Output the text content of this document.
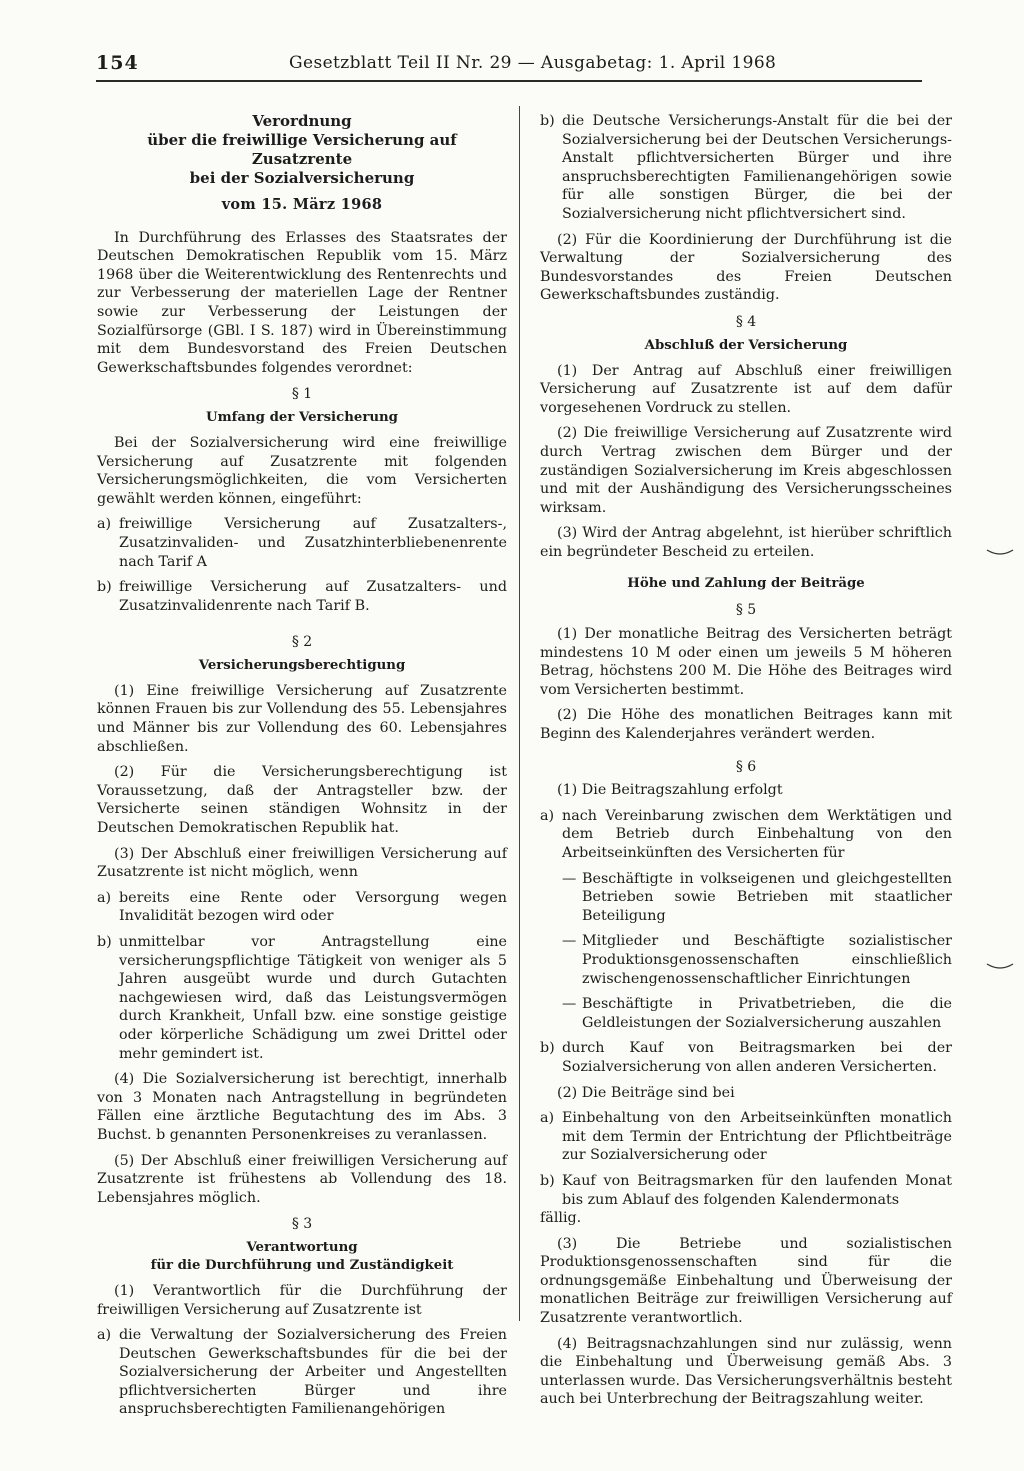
154	Gesetzblatt Teil II Nr. 29 — Ausgabetag: 1. April 1968
Verordnung
über die freiwillige Versicherung auf Zusatzrente
bei der Sozialversicherung
vom 15. März 1968

In Durchführung des Erlasses des Staatsrates der Deutschen Demokratischen Republik vom 15. März 1968 über die Weiterentwicklung des Rentenrechts und zur Verbesserung der materiellen Lage der Rentner sowie zur Verbesserung der Leistungen der Sozialfürsorge (GBl. I S. 187) wird in Übereinstimmung mit dem Bundesvorstand des Freien Deutschen Gewerkschaftsbundes folgendes verordnet:

§ 1
Umfang der Versicherung

Bei der Sozialversicherung wird eine freiwillige Versicherung auf Zusatzrente mit folgenden Versicherungsmöglichkeiten, die vom Versicherten gewählt werden können, eingeführt:

a) freiwillige Versicherung auf Zusatzalters-, Zusatzinvaliden- und Zusatzhinterbliebenenrente nach Tarif A
b) freiwillige Versicherung auf Zusatzalters- und Zusatzinvalidenrente nach Tarif B.
§ 2
Versicherungsberechtigung

(1) Eine freiwillige Versicherung auf Zusatzrente können Frauen bis zur Vollendung des 55. Lebensjahres und Männer bis zur Vollendung des 60. Lebensjahres abschließen.

(2) Für die Versicherungsberechtigung ist Voraussetzung, daß der Antragsteller bzw. der Versicherte seinen ständigen Wohnsitz in der Deutschen Demokratischen Republik hat.

(3) Der Abschluß einer freiwilligen Versicherung auf Zusatzrente ist nicht möglich, wenn

a) bereits eine Rente oder Versorgung wegen Invalidität bezogen wird oder
b) unmittelbar vor Antragstellung eine versicherungspflichtige Tätigkeit von weniger als 5 Jahren ausgeübt wurde und durch Gutachten nachgewiesen wird, daß das Leistungsvermögen durch Krankheit, Unfall bzw. eine sonstige geistige oder körperliche Schädigung um zwei Drittel oder mehr gemindert ist.

(4) Die Sozialversicherung ist berechtigt, innerhalb von 3 Monaten nach Antragstellung in begründeten Fällen eine ärztliche Begutachtung des im Abs. 3 Buchst. b genannten Personenkreises zu veranlassen.

(5) Der Abschluß einer freiwilligen Versicherung auf Zusatzrente ist frühestens ab Vollendung des 18. Lebensjahres möglich.

§ 3
Verantwortung
für die Durchführung und Zuständigkeit

(1) Verantwortlich für die Durchführung der freiwilligen Versicherung auf Zusatzrente ist

a) die Verwaltung der Sozialversicherung des Freien Deutschen Gewerkschaftsbundes für die bei der Sozialversicherung der Arbeiter und Angestellten pflichtversicherten Bürger und ihre anspruchsberechtigten Familienangehörigen
b) die Deutsche Versicherungs-Anstalt für die bei der Sozialversicherung bei der Deutschen Versicherungs-Anstalt pflichtversicherten Bürger und ihre anspruchsberechtigten Familienangehörigen sowie für alle sonstigen Bürger, die bei der Sozialversicherung nicht pflichtversichert sind.

(2) Für die Koordinierung der Durchführung ist die Verwaltung der Sozialversicherung des Bundesvorstandes des Freien Deutschen Gewerkschaftsbundes zuständig.

§ 4
Abschluß der Versicherung

(1) Der Antrag auf Abschluß einer freiwilligen Versicherung auf Zusatzrente ist auf dem dafür vorgesehenen Vordruck zu stellen.

(2) Die freiwillige Versicherung auf Zusatzrente wird durch Vertrag zwischen dem Bürger und der zuständigen Sozialversicherung im Kreis abgeschlossen und mit der Aushändigung des Versicherungsscheines wirksam.

(3) Wird der Antrag abgelehnt, ist hierüber schriftlich ein begründeter Bescheid zu erteilen.

Höhe und Zahlung der Beiträge
§ 5

(1) Der monatliche Beitrag des Versicherten beträgt mindestens 10 M oder einen um jeweils 5 M höheren Betrag, höchstens 200 M. Die Höhe des Beitrages wird vom Versicherten bestimmt.

(2) Die Höhe des monatlichen Beitrages kann mit Beginn des Kalenderjahres verändert werden.

§ 6

(1) Die Beitragszahlung erfolgt

a) nach Vereinbarung zwischen dem Werktätigen und dem Betrieb durch Einbehaltung von den Arbeitseinkünften des Versicherten für
— Beschäftigte in volkseigenen und gleichgestellten Betrieben sowie Betrieben mit staatlicher Beteiligung
— Mitglieder und Beschäftigte sozialistischer Produktionsgenossenschaften einschließlich zwischengenossenschaftlicher Einrichtungen
— Beschäftigte in Privatbetrieben, die die Geldleistungen der Sozialversicherung auszahlen
b) durch Kauf von Beitragsmarken bei der Sozialversicherung von allen anderen Versicherten.

(2) Die Beiträge sind bei

a) Einbehaltung von den Arbeitseinkünften monatlich mit dem Termin der Entrichtung der Pflichtbeiträge zur Sozialversicherung oder
b) Kauf von Beitragsmarken für den laufenden Monat bis zum Ablauf des folgenden Kalendermonats

fällig.

(3) Die Betriebe und sozialistischen Produktionsgenossenschaften sind für die ordnungsgemäße Einbehaltung und Überweisung der monatlichen Beiträge zur freiwilligen Versicherung auf Zusatzrente verantwortlich.

(4) Beitragsnachzahlungen sind nur zulässig, wenn die Einbehaltung und Überweisung gemäß Abs. 3 unterlassen wurde. Das Versicherungsverhältnis besteht auch bei Unterbrechung der Beitragszahlung weiter.
